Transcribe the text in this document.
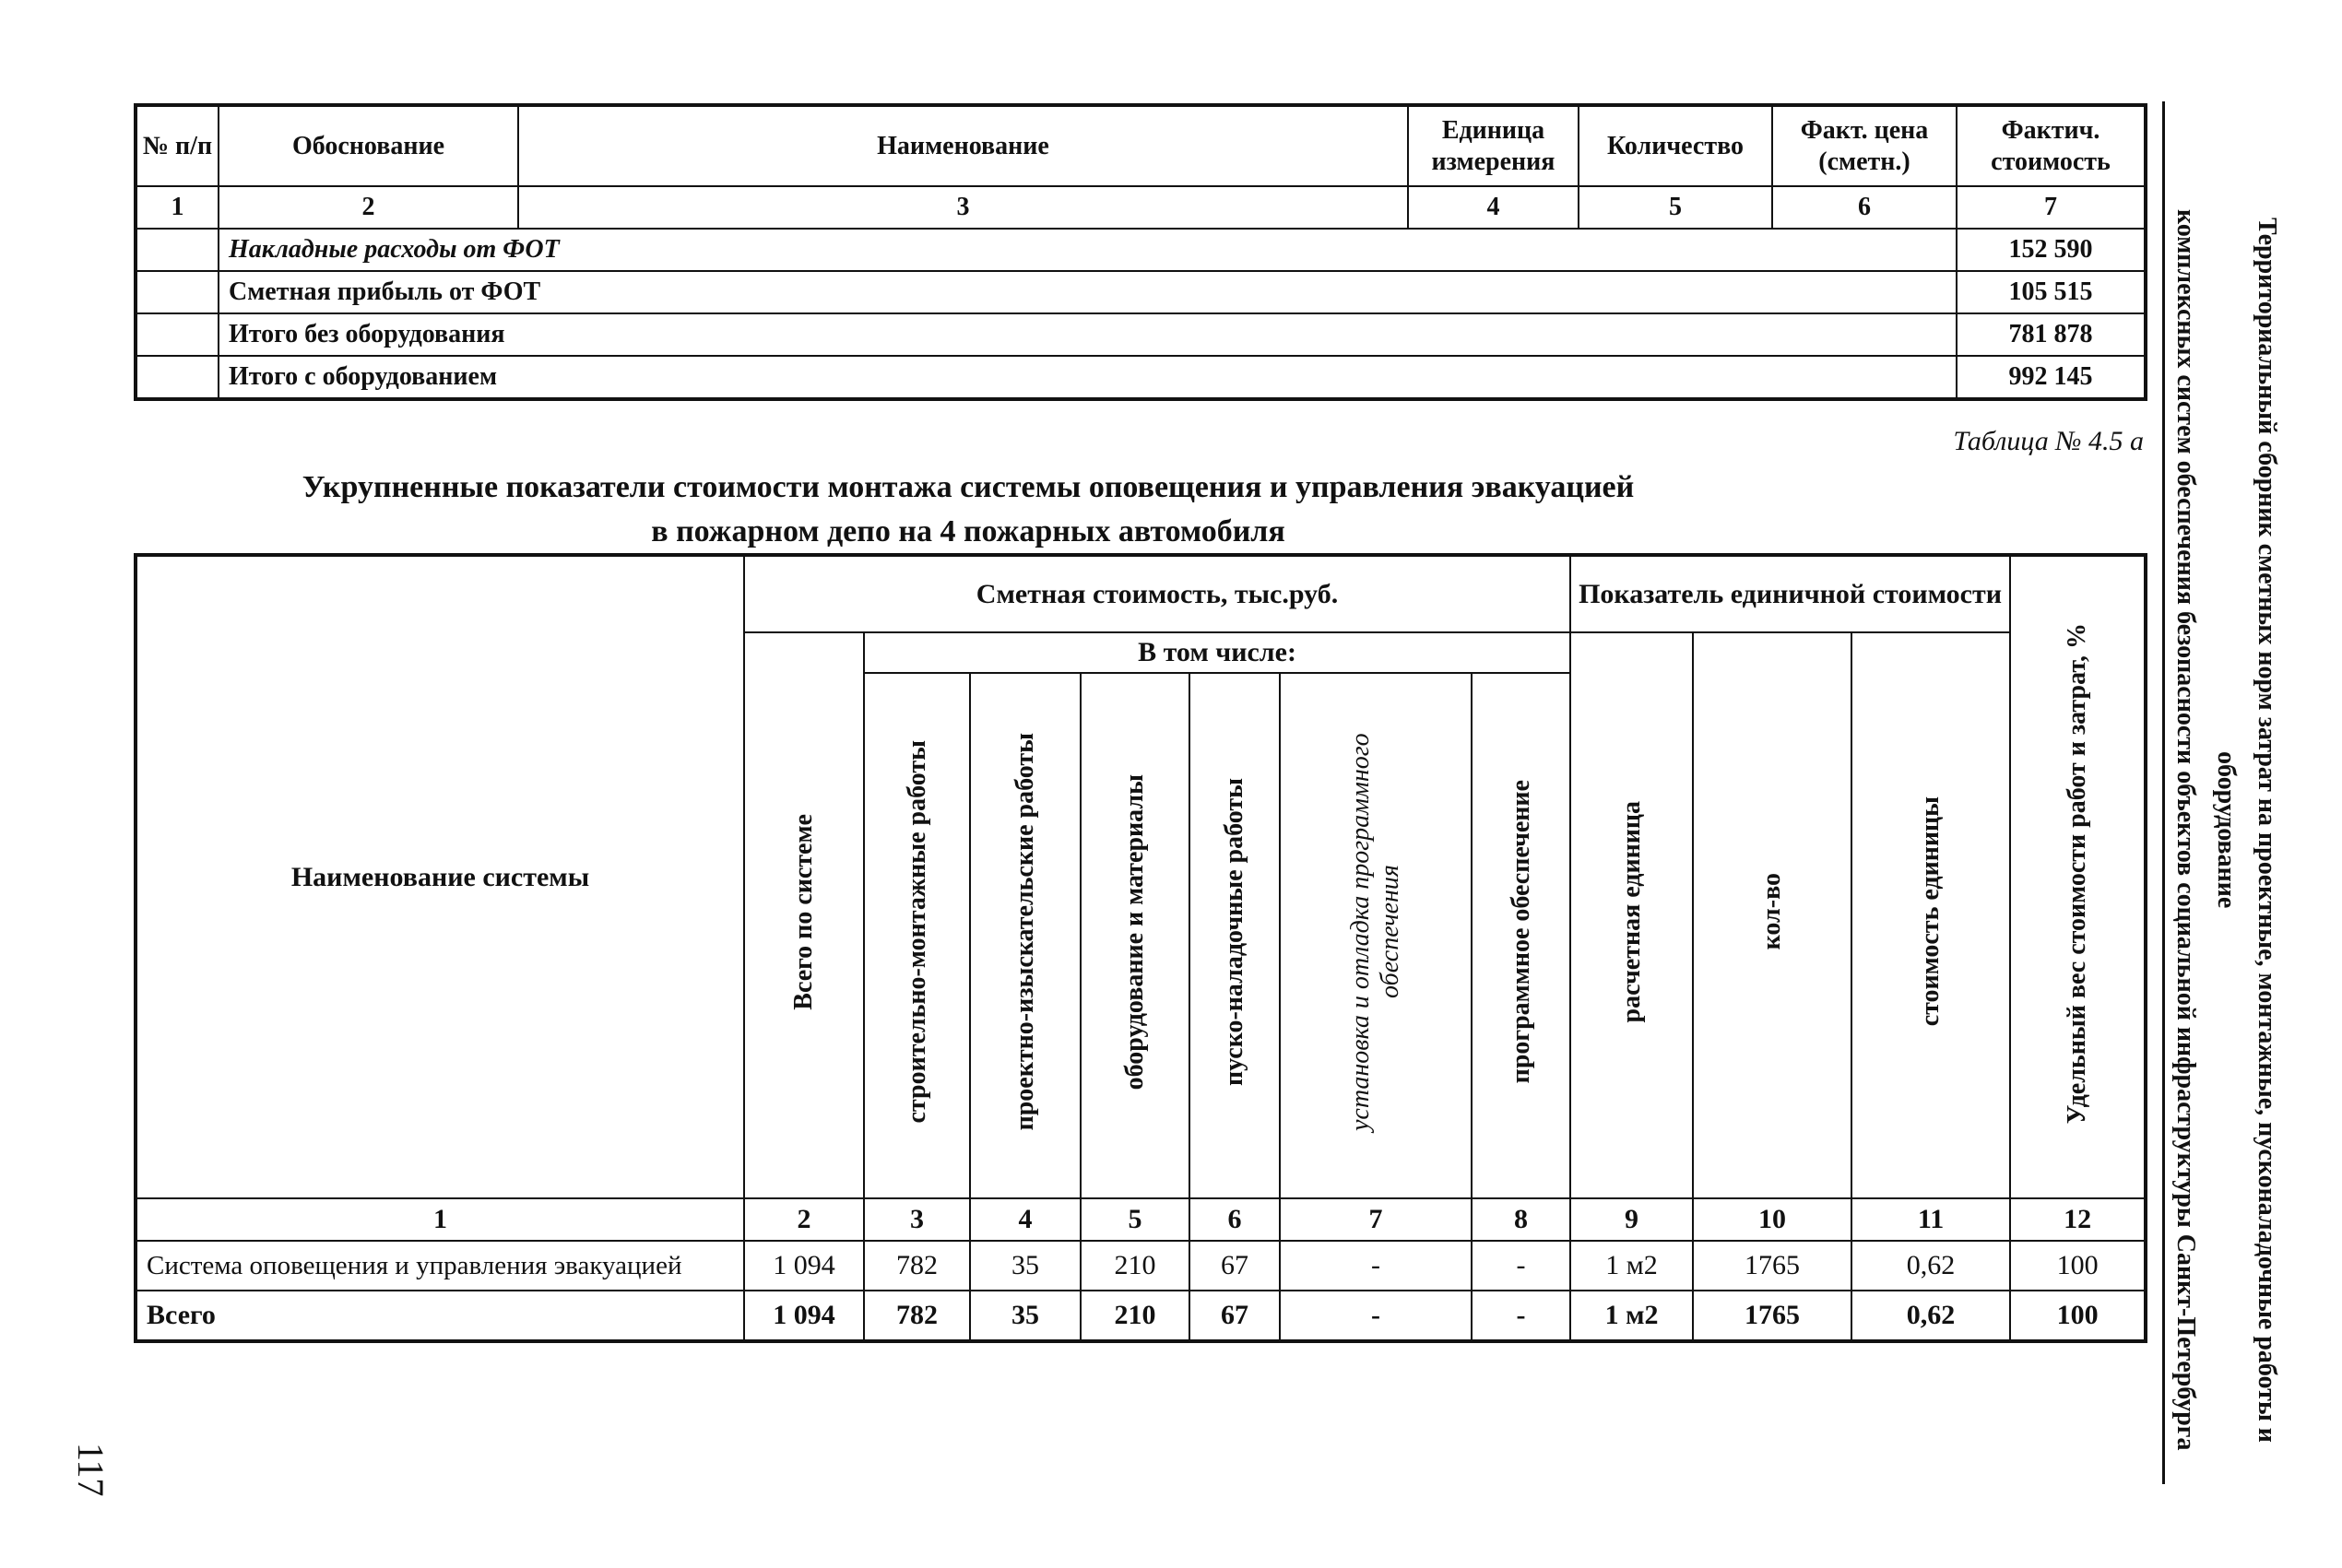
№ п/п	Обоснование	Наименование	Единица измерения	Количество	Факт. цена (сметн.)	Фактич. стоимость
1	2	3	4	5	6	7
	Накладные расходы от ФОТ					152 590
	Сметная прибыль от ФОТ					105 515
	Итого без оборудования					781 878
	Итого с оборудованием					992 145
Таблица № 4.5 а
Укрупненные показатели стоимости монтажа системы оповещения и управления эвакуацией
в пожарном депо на 4 пожарных автомобиля
Наименование системы	Сметная стоимость, тыс.руб.							Показатель единичной стоимости			Удельный вес стоимости работ и затрат, %
	Всего по системе	В том числе:						расчетная единица	кол-во	стоимость единицы	
		строительно-монтажные работы	проектно-изыскательские работы	оборудование и материалы	пуско-наладочные работы	установка и отладка программного обеспечения	программное обеспечение				
1	2	3	4	5	6	7	8	9	10	11	12
Система оповещения и управления эвакуацией	1 094	782	35	210	67	-	-	1 м2	1765	0,62	100
Всего	1 094	782	35	210	67	-	-	1 м2	1765	0,62	100	Территориальный сборник сметных норм затрат на проектные, монтажные, пусконаладочные работы и оборудование
комплексных систем обеспечения безопасности объектов социальной инфраструктуры Санкт-Петербурга
117
